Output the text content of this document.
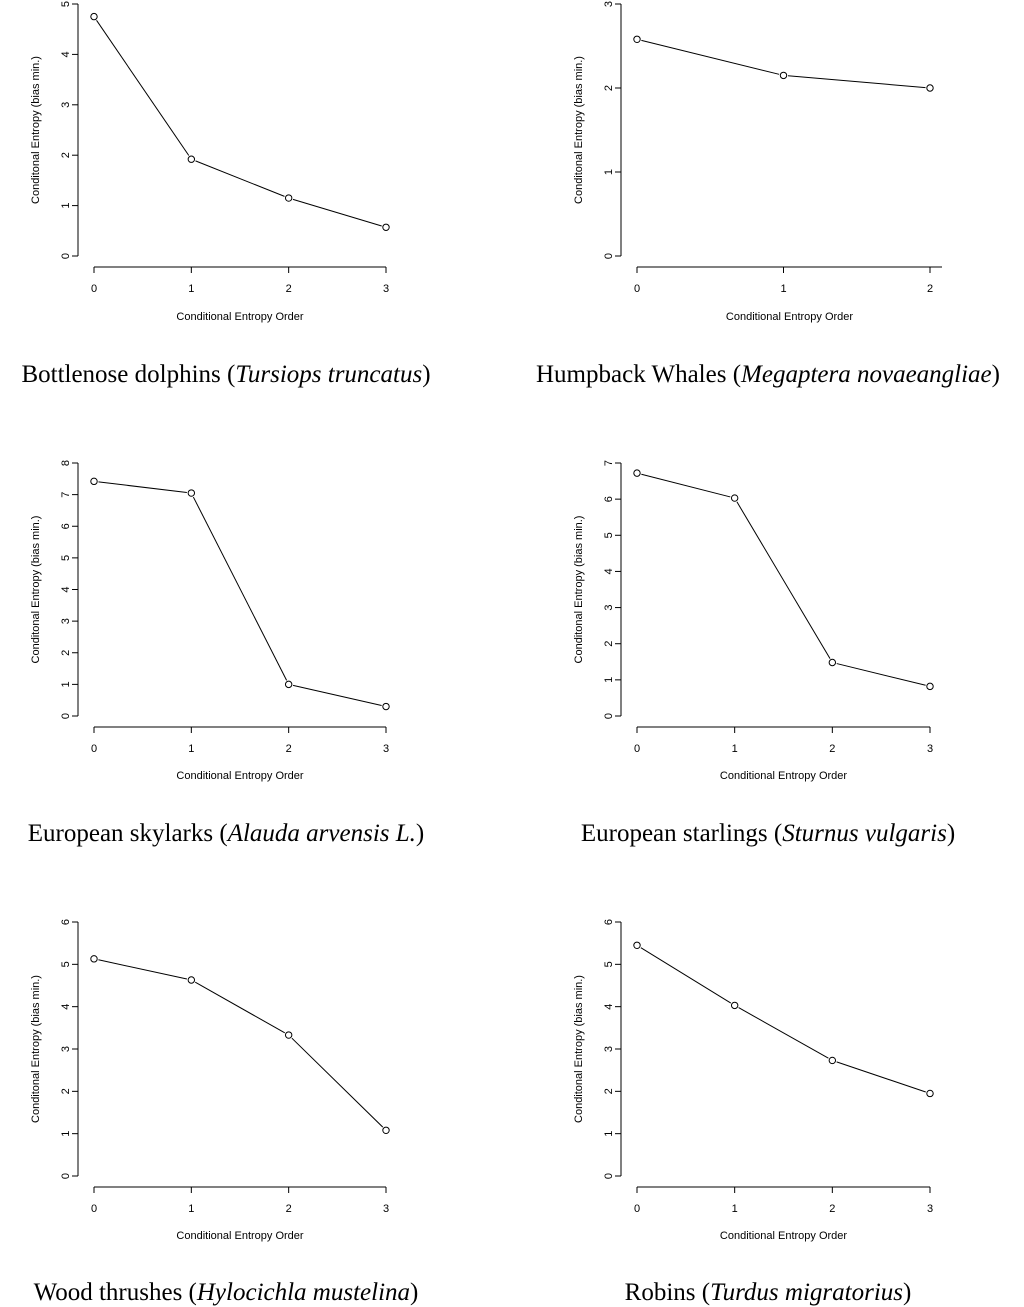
0
1
2
3
4
5
0	1	2	3
Conditional Entropy Order
Conditonal Entropy (bias min.)
Bottlenose dolphins (Tursiops truncatus)
0
1
2
3
0	1	2
Conditional Entropy Order
Conditonal Entropy (bias min.)
Humpback Whales (Megaptera novaeangliae)
0
1
2
3
4
5
6
7
8
0	1	2	3
Conditional Entropy Order
Conditonal Entropy (bias min.)
European skylarks (Alauda arvensis L.)
0
1
2
3
4
5
6
7
0	1	2	3
Conditional Entropy Order
Conditonal Entropy (bias min.)
European starlings (Sturnus vulgaris)
0
1
2
3
4
5
6
0	1	2	3
Conditional Entropy Order
Conditonal Entropy (bias min.)
Wood thrushes (Hylocichla mustelina)
0
1
2
3
4
5
6
0	1	2	3
Conditional Entropy Order
Conditonal Entropy (bias min.)
Robins (Turdus migratorius)
